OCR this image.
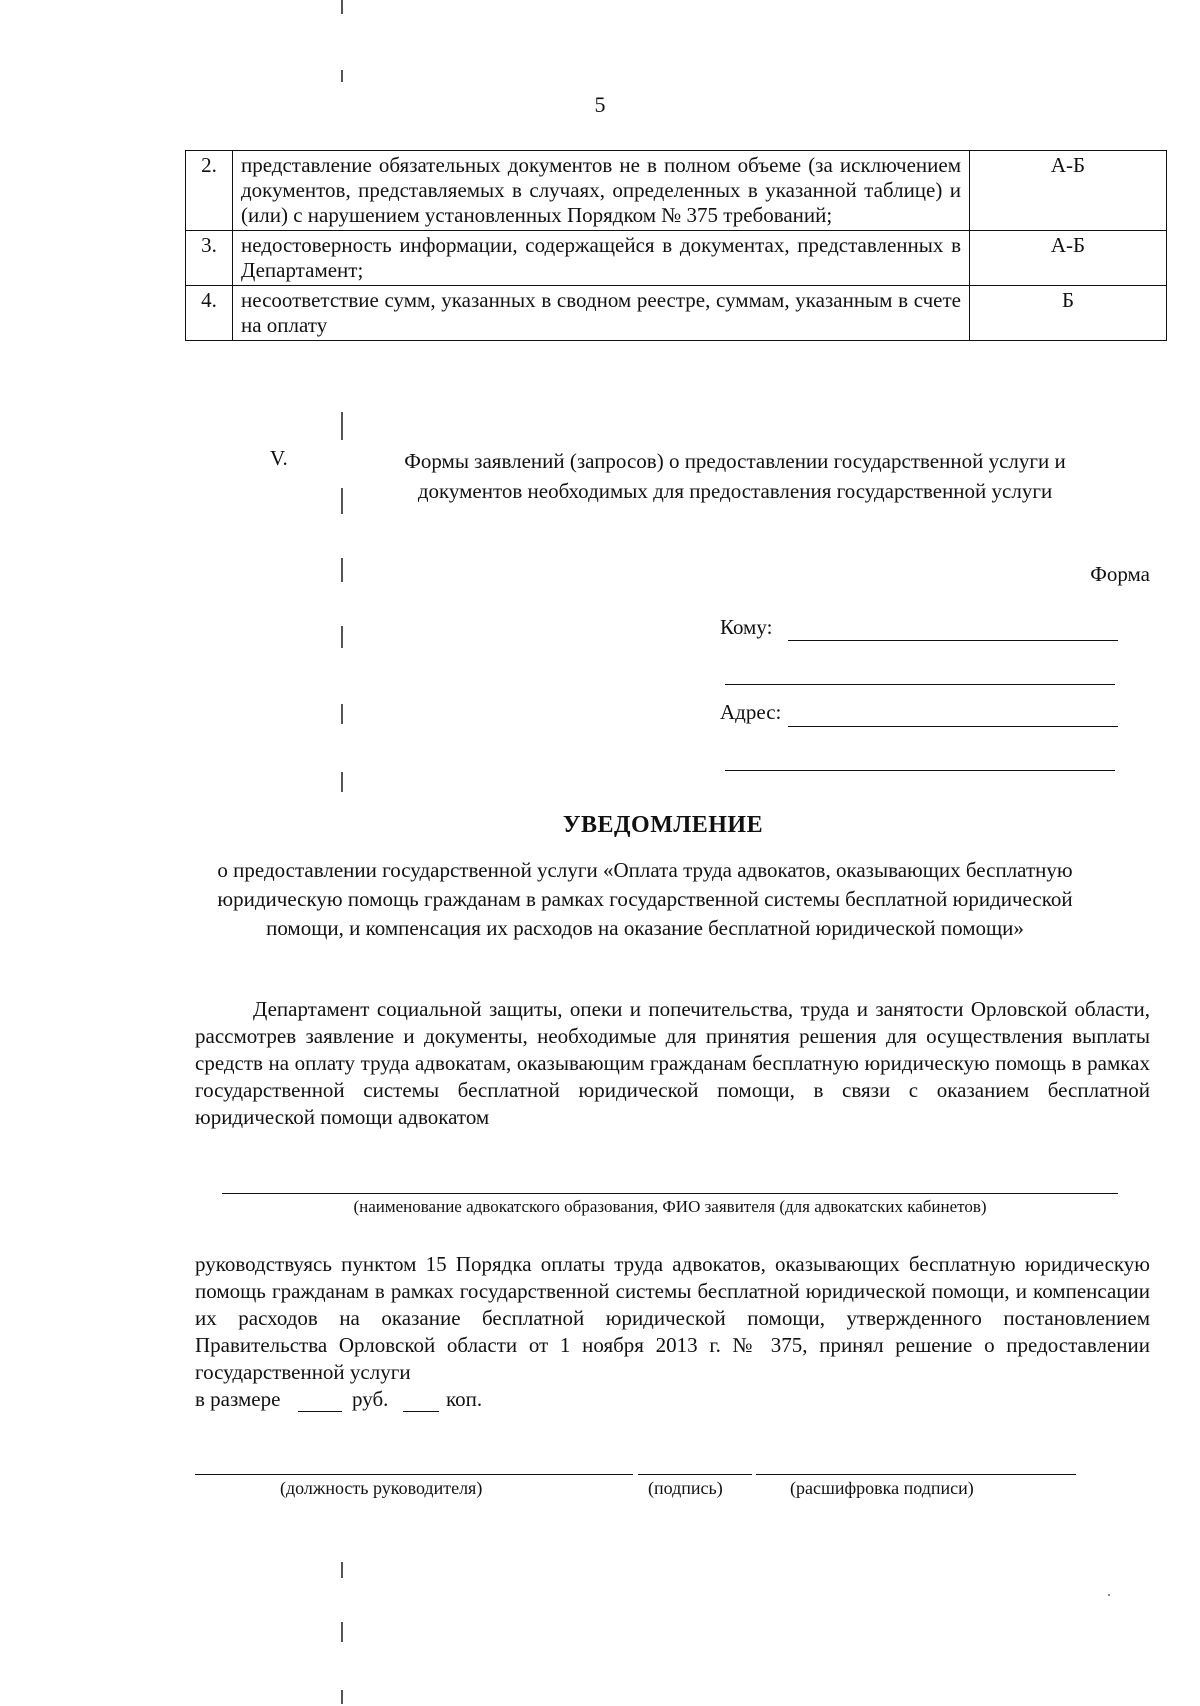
5
2.	представление обязательных документов не в полном объеме (за исключением документов, представляемых в случаях, определенных в указанной таблице) и (или) с нарушением установленных Порядком № 375 требований;	А-Б
3.	недостоверность информации, содержащейся в документах, представленных в Департамент;	А-Б
4.	несоответствие сумм, указанных в сводном реестре, суммам, указанным в счете на оплату	Б
V.	Формы заявлений (запросов) о предоставлении государственной услуги и
документов необходимых для предоставления государственной услуги
Форма
Кому:
Адрес:
УВЕДОМЛЕНИЕ
о предоставлении государственной услуги «Оплата труда адвокатов, оказывающих бесплатную юридическую помощь гражданам в рамках государственной системы бесплатной юридической помощи, и компенсация их расходов на оказание бесплатной юридической помощи»
Департамент социальной защиты, опеки и попечительства, труда и занятости Орловской области, рассмотрев заявление и документы, необходимые для принятия решения для осуществления выплаты средств на оплату труда адвокатам, оказывающим гражданам бесплатную юридическую помощь в рамках государственной системы бесплатной юридической помощи, в связи с оказанием бесплатной юридической помощи адвокатом
(наименование адвокатского образования, ФИО заявителя (для адвокатских кабинетов)
руководствуясь пунктом 15 Порядка оплаты труда адвокатов, оказывающих бесплатную юридическую помощь гражданам в рамках государственной системы бесплатной юридической помощи, и компенсации их расходов на оказание бесплатной юридической помощи, утвержденного постановлением Правительства Орловской области от 1 ноября 2013 г. № 375, принял решение о предоставлении государственной услуги
в размере	руб.	коп.
(должность руководителя)	(подпись)	(расшифровка подписи)
